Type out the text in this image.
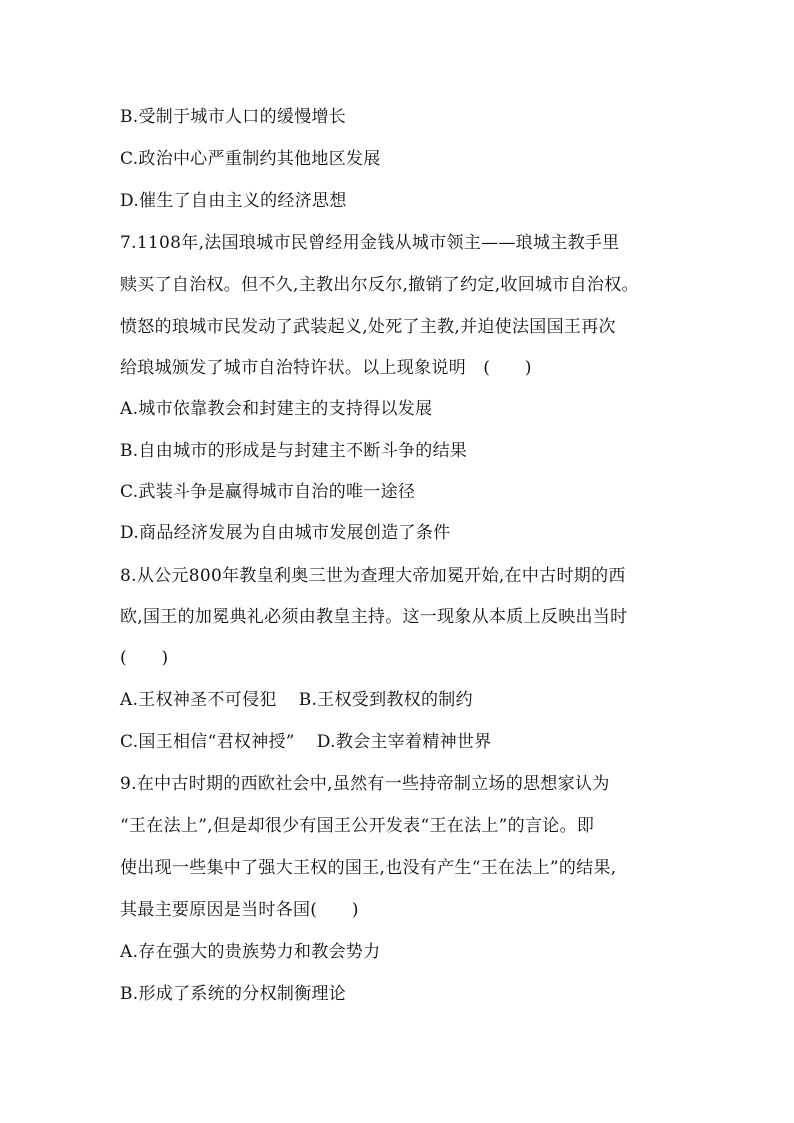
B.受制于城市人口的缓慢增长
C.政治中心严重制约其他地区发展
D.催生了自由主义的经济思想
7.1108年,法国琅城市民曾经用金钱从城市领主——琅城主教手里
赎买了自治权。但不久,主教出尔反尔,撤销了约定,收回城市自治权。
愤怒的琅城市民发动了武装起义,处死了主教,并迫使法国国王再次
给琅城颁发了城市自治特许状。以上现象说明　(　　)
A.城市依靠教会和封建主的支持得以发展
B.自由城市的形成是与封建主不断斗争的结果
C.武装斗争是赢得城市自治的唯一途径
D.商品经济发展为自由城市发展创造了条件
8.从公元800年教皇利奥三世为查理大帝加冕开始,在中古时期的西
欧,国王的加冕典礼必须由教皇主持。这一现象从本质上反映出当时
(　　)
A.王权神圣不可侵犯 B.王权受到教权的制约
C.国王相信“君权神授” D.教会主宰着精神世界
9.在中古时期的西欧社会中,虽然有一些持帝制立场的思想家认为
“王在法上”,但是却很少有国王公开发表“王在法上”的言论。即
使出现一些集中了强大王权的国王,也没有产生“王在法上”的结果,
其最主要原因是当时各国(　　)
A.存在强大的贵族势力和教会势力
B.形成了系统的分权制衡理论
